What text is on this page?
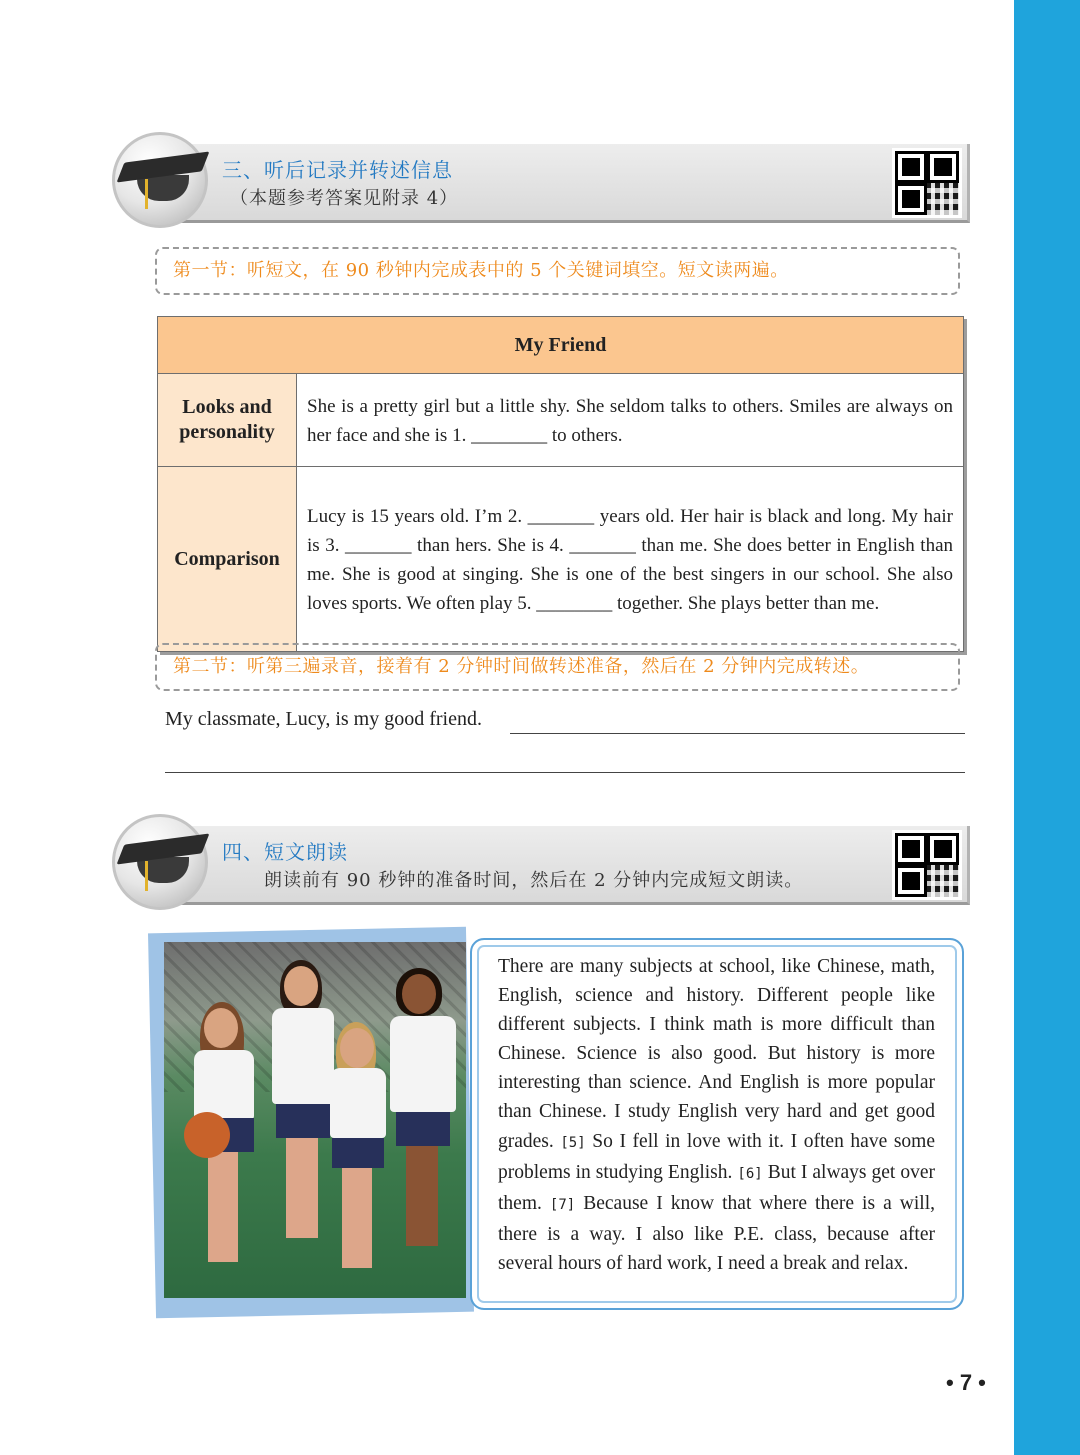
三、听后记录并转述信息
（本题参考答案见附录 4）
第一节：听短文，在 90 秒钟内完成表中的 5 个关键词填空。短文读两遍。
My Friend	
Looks and personality	She is a pretty girl but a little shy. She seldom talks to others. Smiles are always on her face and she is 1. ________ to others.
Comparison	Lucy is 15 years old. I’m 2. _______ years old. Her hair is black and long. My hair is 3. _______ than hers. She is 4. _______ than me. She does better in English than me. She is good at singing. She is one of the best singers in our school. She also loves sports. We often play 5. ________ together. She plays better than me.
第二节：听第三遍录音，接着有 2 分钟时间做转述准备，然后在 2 分钟内完成转述。
My classmate, Lucy, is my good friend.
四、短文朗读
朗读前有 90 秒钟的准备时间，然后在 2 分钟内完成短文朗读。
There are many subjects at school, like Chinese, math, English, science and history. Different people like different subjects. I think math is more difficult than Chinese. Science is also good. But history is more interesting than science. And English is more popular than Chinese. I study English very hard and get good grades. [5] So I fell in love with it. I often have some problems in studying English. [6] But I always get over them. [7] Because I know that where there is a will, there is a way. I also like P.E. class, because after several hours of hard work, I need a break and relax.
• 7 •
